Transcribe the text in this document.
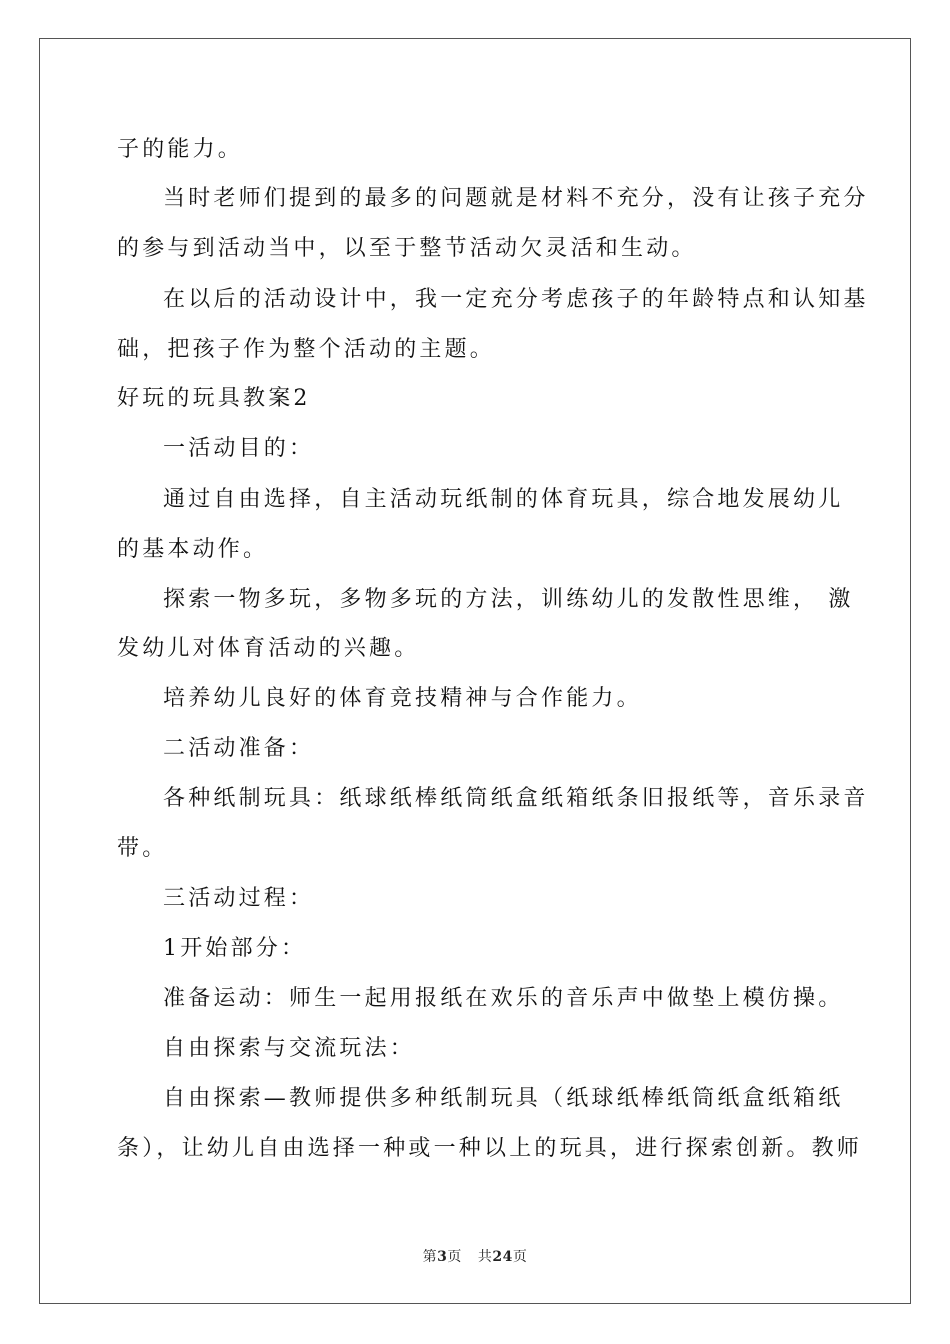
子的能力。
当时老师们提到的最多的问题就是材料不充分，没有让孩子充分
的参与到活动当中，以至于整节活动欠灵活和生动。
在以后的活动设计中，我一定充分考虑孩子的年龄特点和认知基
础，把孩子作为整个活动的主题。
好玩的玩具教案2
一活动目的：
通过自由选择，自主活动玩纸制的体育玩具，综合地发展幼儿
的基本动作。
探索一物多玩，多物多玩的方法，训练幼儿的发散性思维， 激
发幼儿对体育活动的兴趣。
培养幼儿良好的体育竞技精神与合作能力。
二活动准备：
各种纸制玩具：纸球纸棒纸筒纸盒纸箱纸条旧报纸等，音乐录音
带。
三活动过程：
1开始部分：
准备运动：师生一起用报纸在欢乐的音乐声中做垫上模仿操。
自由探索与交流玩法：
自由探索—教师提供多种纸制玩具（纸球纸棒纸筒纸盒纸箱纸
条），让幼儿自由选择一种或一种以上的玩具，进行探索创新。教师
第3页 共24页
